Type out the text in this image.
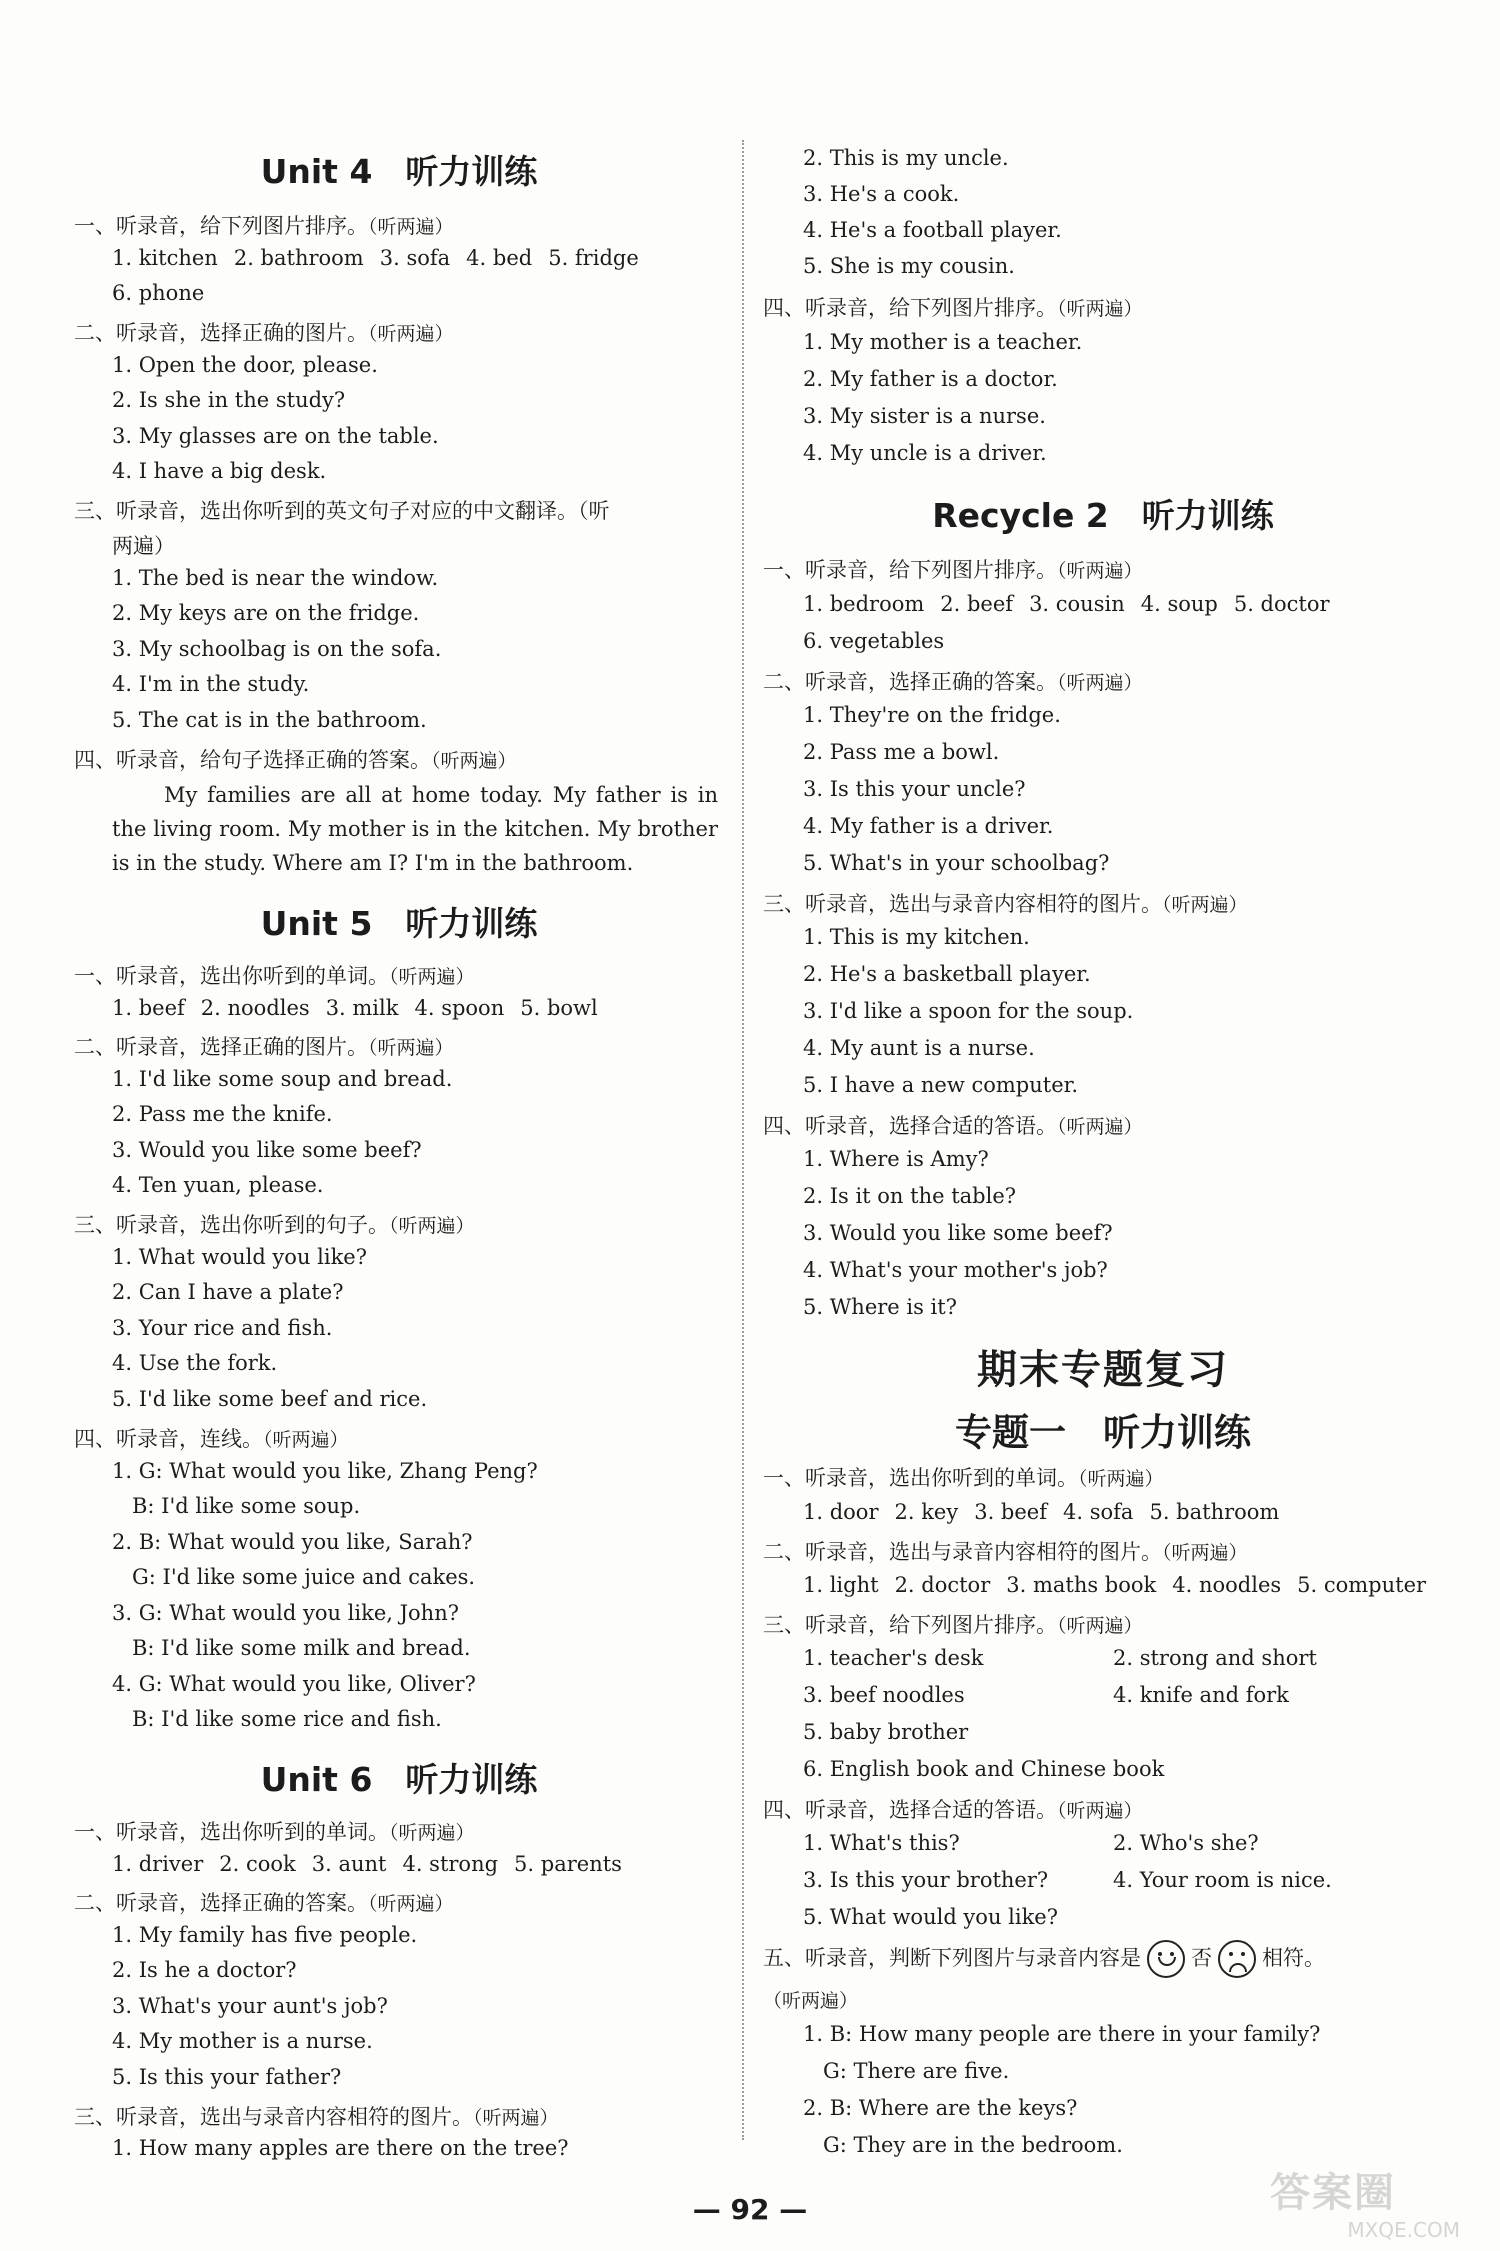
Unit 4　听力训练
一、听录音，给下列图片排序。（听两遍）
1. kitchen 2. bathroom 3. sofa 4. bed 5. fridge
6. phone
二、听录音，选择正确的图片。（听两遍）
1. Open the door, please.
2. Is she in the study?
3. My glasses are on the table.
4. I have a big desk.
三、听录音，选出你听到的英文句子对应的中文翻译。（听
两遍）
1. The bed is near the window.
2. My keys are on the fridge.
3. My schoolbag is on the sofa.
4. I'm in the study.
5. The cat is in the bathroom.
四、听录音，给句子选择正确的答案。（听两遍）
My families are all at home today. My father is in the living room. My mother is in the kitchen. My brother is in the study. Where am I? I'm in the bathroom.
Unit 5　听力训练
一、听录音，选出你听到的单词。（听两遍）
1. beef 2. noodles 3. milk 4. spoon 5. bowl
二、听录音，选择正确的图片。（听两遍）
1. I'd like some soup and bread.
2. Pass me the knife.
3. Would you like some beef?
4. Ten yuan, please.
三、听录音，选出你听到的句子。（听两遍）
1. What would you like?
2. Can I have a plate?
3. Your rice and fish.
4. Use the fork.
5. I'd like some beef and rice.
四、听录音，连线。（听两遍）
1. G: What would you like, Zhang Peng?
B: I'd like some soup.
2. B: What would you like, Sarah?
G: I'd like some juice and cakes.
3. G: What would you like, John?
B: I'd like some milk and bread.
4. G: What would you like, Oliver?
B: I'd like some rice and fish.
Unit 6　听力训练
一、听录音，选出你听到的单词。（听两遍）
1. driver 2. cook 3. aunt 4. strong 5. parents
二、听录音，选择正确的答案。（听两遍）
1. My family has five people.
2. Is he a doctor?
3. What's your aunt's job?
4. My mother is a nurse.
5. Is this your father?
三、听录音，选出与录音内容相符的图片。（听两遍）
1. How many apples are there on the tree?
2. This is my uncle.
3. He's a cook.
4. He's a football player.
5. She is my cousin.
四、听录音，给下列图片排序。（听两遍）
1. My mother is a teacher.
2. My father is a doctor.
3. My sister is a nurse.
4. My uncle is a driver.
Recycle 2　听力训练
一、听录音，给下列图片排序。（听两遍）
1. bedroom 2. beef 3. cousin 4. soup 5. doctor
6. vegetables
二、听录音，选择正确的答案。（听两遍）
1. They're on the fridge.
2. Pass me a bowl.
3. Is this your uncle?
4. My father is a driver.
5. What's in your schoolbag?
三、听录音，选出与录音内容相符的图片。（听两遍）
1. This is my kitchen.
2. He's a basketball player.
3. I'd like a spoon for the soup.
4. My aunt is a nurse.
5. I have a new computer.
四、听录音，选择合适的答语。（听两遍）
1. Where is Amy?
2. Is it on the table?
3. Would you like some beef?
4. What's your mother's job?
5. Where is it?
期末专题复习
专题一　听力训练
一、听录音，选出你听到的单词。（听两遍）
1. door 2. key 3. beef 4. sofa 5. bathroom
二、听录音，选出与录音内容相符的图片。（听两遍）
1. light 2. doctor 3. maths book 4. noodles 5. computer
三、听录音，给下列图片排序。（听两遍）
1. teacher's desk	2. strong and short
3. beef noodles	4. knife and fork
5. baby brother
6. English book and Chinese book
四、听录音，选择合适的答语。（听两遍）
1. What's this?	2. Who's she?
3. Is this your brother?	4. Your room is nice.
5. What would you like?
五、听录音，判断下列图片与录音内容是 否 相符。
（听两遍）
1. B: How many people are there in your family?
G: There are five.
2. B: Where are the keys?
G: They are in the bedroom.
— 92 —	答案圈
MXQE.COM
